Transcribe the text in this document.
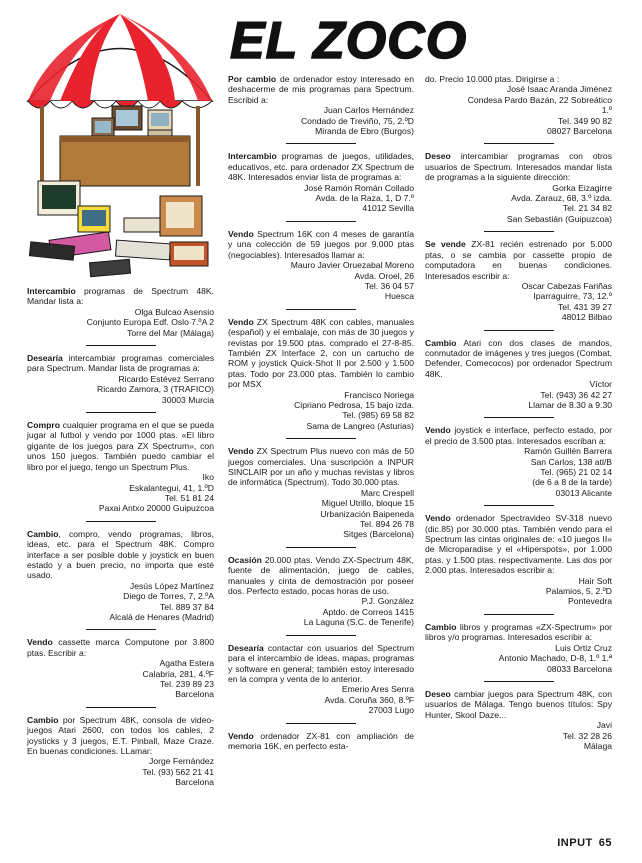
EL ZOCO

Intercambio programas de Spectrum 48K. Mandar lista a:

Olga Bulcao Asensio

Conjunto Europa Edf. Oslo 7.ºA 2

Torre del Mar (Málaga)

Desearía intercambiar programas comerciales para Spectrum. Mandar lista de programas a:

Ricardo Estévez Serrano

Ricardo Zamora, 3 (TRAFICO)

30003 Murcia

Compro cualquier programa en el que se pueda jugar al futbol y vendo por 1000 ptas. «El libro gigante de los juegos para ZX Spectrum», con unos 150 juegos. También puedo cambiar el libro por el juego, tengo un Spectrum Plus.

Iko

Eskalantegui, 41, 1.ºD

Tel. 51 81 24

Paxai Antxo 20000 Guipuzcoa

Cambio, compro, vendo programas, libros, ideas, etc. para el Spectrum 48K. Compro interface a ser posible doble y joystick en buen estado y a buen precio, no importa que esté usado.

Jesús López Martínez

Diego de Torres, 7, 2.ºA

Tel. 889 37 84

Alcalá de Henares (Madrid)

Vendo cassette marca Computone por 3.800 ptas. Escribir a:

Agatha Estera

Calabria, 281, 4.ºF

Tel. 239 89 23

Barcelona

Cambio por Spectrum 48K, consola de video-juegos Atari 2600, con todos los cables, 2 joysticks y 3 juegos, E.T. Pinball, Maze Craze. En buenas condiciones. LLamar:

Jorge Fernández

Tel. (93) 562 21 41

Barcelona

Por cambio de ordenador estoy interesado en deshacerme de mis programas para Spectrum. Escribid a:

Juan Carlos Hernández

Condado de Treviño, 75, 2.ºD

Miranda de Ebro (Burgos)

Intercambio programas de juegos, utilidades, educativos, etc. para ordenador ZX Spectrum de 48K. Interesados enviar lista de programas a:

José Ramón Román Collado

Avda. de la Raza, 1, D 7.º

41012 Sevilla

Vendo Spectrum 16K con 4 meses de garantía y una colección de 59 juegos por 9.000 ptas (negociables). Interesados llamar a:

Mauro Javier Oruezabal Moreno

Avda. Oroel, 26

Tel. 36 04 57

Huesca

Vendo ZX Spectrum 48K con cables, manuales (español) y el embalaje, con más de 30 juegos y revistas por 19.500 ptas. comprado el 27-8-85. También ZX Interface 2, con un cartucho de ROM y joystick Quick-Shot II por 2.500 y 1.500 ptas. Todo por 23.000 ptas. También lo cambio por MSX

Francisco Noriega

Cipriano Pedrosa, 15 bajo izda.

Tel. (985) 69 58 82

Sama de Langreo (Asturias)

Vendo ZX Spectrum Plus nuevo con más de 50 juegos comerciales. Una suscripción a INPUR SINCLAIR por un año y muchas revistas y libros de informática (Spectrum). Todo 30.000 ptas.

Marc Crespell

Miguel Utrillo, bloque 15

Urbanización Baipeneda

Tel. 894 26 78

Sitges (Barcelona)

Ocasión 20.000 ptas. Vendo ZX-Spectrum 48K, fuente de alimentación, juego de cables, manuales y cinta de demostración por poseer dos. Perfecto estado, pocas horas de uso.

P.J. González

Aptdo. de Correos 1415

La Laguna (S.C. de Tenerife)

Desearía contactar con usuarios del Spectrum para el intercambio de ideas, mapas, programas y software en general; también estoy interesado en la compra y venta de lo anterior.

Emerio Ares Senra

Avda. Coruña 360, 8.ºF

27003 Lugo

Vendo ordenador ZX-81 con ampliación de memoria 16K, en perfecto esta-

do. Precio 10.000 ptas. Dirigirse a :

José Isaac Aranda Jiménez

Condesa Pardo Bazán, 22 Sobreático

1.º

Tel. 349 90 82

08027 Barcelona

Deseo intercambiar programas con otros usuarios de Spectrum. Interesados mandar lista de programas a la siguiente dirección:

Gorka Eizagirre

Avda. Zarauz, 68, 3.º izda.

Tel. 21 34 82

San Sebastián (Guipuzcoa)

Se vende ZX-81 recién estrenado por 5.000 ptas, o se cambia por cassette propio de computadora en buenas condiciones. Interesados escribir a:

Oscar Cabezas Fariñas

Iparraguirre, 73, 12.º

Tel. 431 39 27

48012 Bilbao

Cambio Atari con dos clases de mandos, conmutador de imágenes y tres juegos (Combat, Defender, Comecocos) por ordenador Spectrum 48K.

Víctor

Tel. (943) 36 42 27

Llamar de 8.30 a 9.30

Vendo joystick e interface, perfecto estado, por el precio de 3.500 ptas. Interesados escriban a:

Ramón Guillén Barrera

San Carlos, 138 atl/B

Tel. (965) 21 02 14

(de 6 a 8 de la tarde)

03013 Alicante

Vendo ordenador Spectravideo SV-318 nuevo (dic.85) por 30.000 ptas. También vendo para el Spectrum las cintas originales de: «10 juegos II» de Microparadise y el «Hiperspots», por 1.000 ptas. y 1.500 ptas. respectivamente. Las dos por 2.000 ptas. Interesados escribir a:

Hair Soft

Palamios, 5, 2.ºD

Pontevedra

Cambio libros y programas «ZX-Spectrum» por libros y/o programas. Interesados escribir a:

Luis Ortiz Cruz

Antonio Machado, D-8, 1.º 1.ª

08033 Barcelona

Deseo cambiar juegos para Spectrum 48K, con usuarios de Málaga. Tengo buenos títulos: Spy Hunter, Skool Daze...

Javi

Tel. 32 28 26

Málaga

INPUT 65
